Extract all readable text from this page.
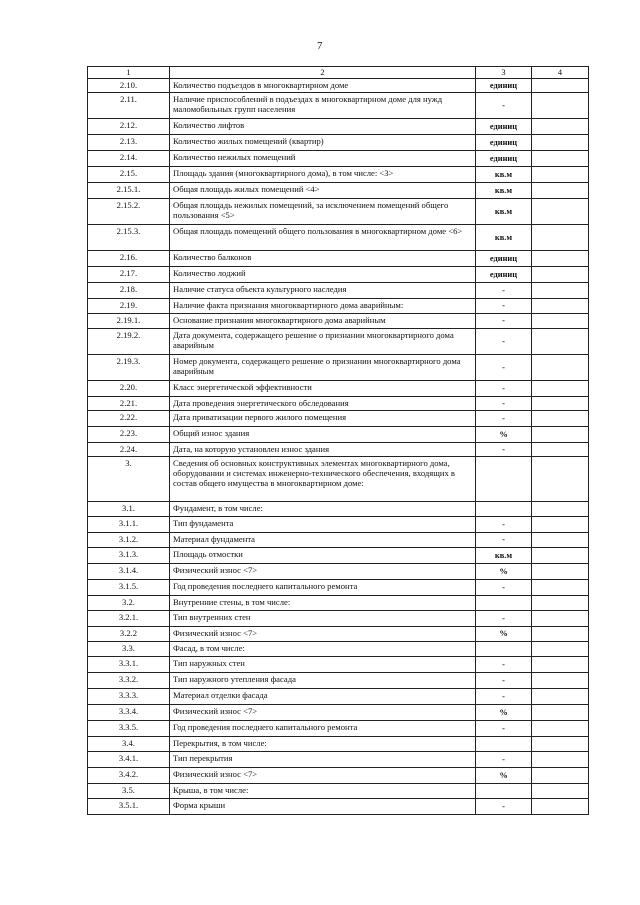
7
1	2	3	4
2.10.	Количество подъездов в многоквартирном доме	единиц	
2.11.	Наличие приспособлений в подъездах в многоквартирном доме для нужд маломобильных групп населения	-	
2.12.	Количество лифтов	единиц	
2.13.	Количество жилых помещений (квартир)	единиц	
2.14.	Количество нежилых помещений	единиц	
2.15.	Площадь здания (многоквартирного дома), в том числе: <3>	кв.м	
2.15.1.	Общая площадь жилых помещений <4>	кв.м	
2.15.2.	Общая площадь нежилых помещений, за исключением помещений общего пользования <5>	кв.м	
2.15.3.	Общая площадь помещений общего пользования в многоквартирном доме <6>	кв.м	
2.16.	Количество балконов	единиц	
2.17.	Количество лоджий	единиц	
2.18.	Наличие статуса объекта культурного наследия	-	
2.19.	Наличие факта признания многоквартирного дома аварийным:	-	
2.19.1.	Основание признания многоквартирного дома аварийным	-	
2.19.2.	Дата документа, содержащего решение о признании многоквартирного дома аварийным	-	
2.19.3.	Номер документа, содержащего решение о признании многоквартирного дома аварийным	-	
2.20.	Класс энергетической эффективности	-	
2.21.	Дата проведения энергетического обследования	-	
2.22.	Дата приватизации первого жилого помещения	-	
2.23.	Общий износ здания	%	
2.24.	Дата, на которую установлен износ здания	-	
3.	Сведения об основных конструктивных элементах многоквартирного дома, оборудовании и системах инженерно-технического обеспечения, входящих в состав общего имущества в многоквартирном доме:		
3.1.	Фундамент, в том числе:		
3.1.1.	Тип фундамента	-	
3.1.2.	Материал фундамента	-	
3.1.3.	Площадь отмостки	кв.м	
3.1.4.	Физический износ <7>	%	
3.1.5.	Год проведения последнего капитального ремонта	-	
3.2.	Внутренние стены, в том числе:		
3.2.1.	Тип внутренних стен	-	
3.2.2	Физический износ <7>	%	
3.3.	Фасад, в том числе:		
3.3.1.	Тип наружных стен	-	
3.3.2.	Тип наружного утепления фасада	-	
3.3.3.	Материал отделки фасада	-	
3.3.4.	Физический износ <7>	%	
3.3.5.	Год проведения последнего капитального ремонта	-	
3.4.	Перекрытия, в том числе:		
3.4.1.	Тип перекрытия	-	
3.4.2.	Физический износ <7>	%	
3.5.	Крыша, в том числе:		
3.5.1.	Форма крыши	-	
